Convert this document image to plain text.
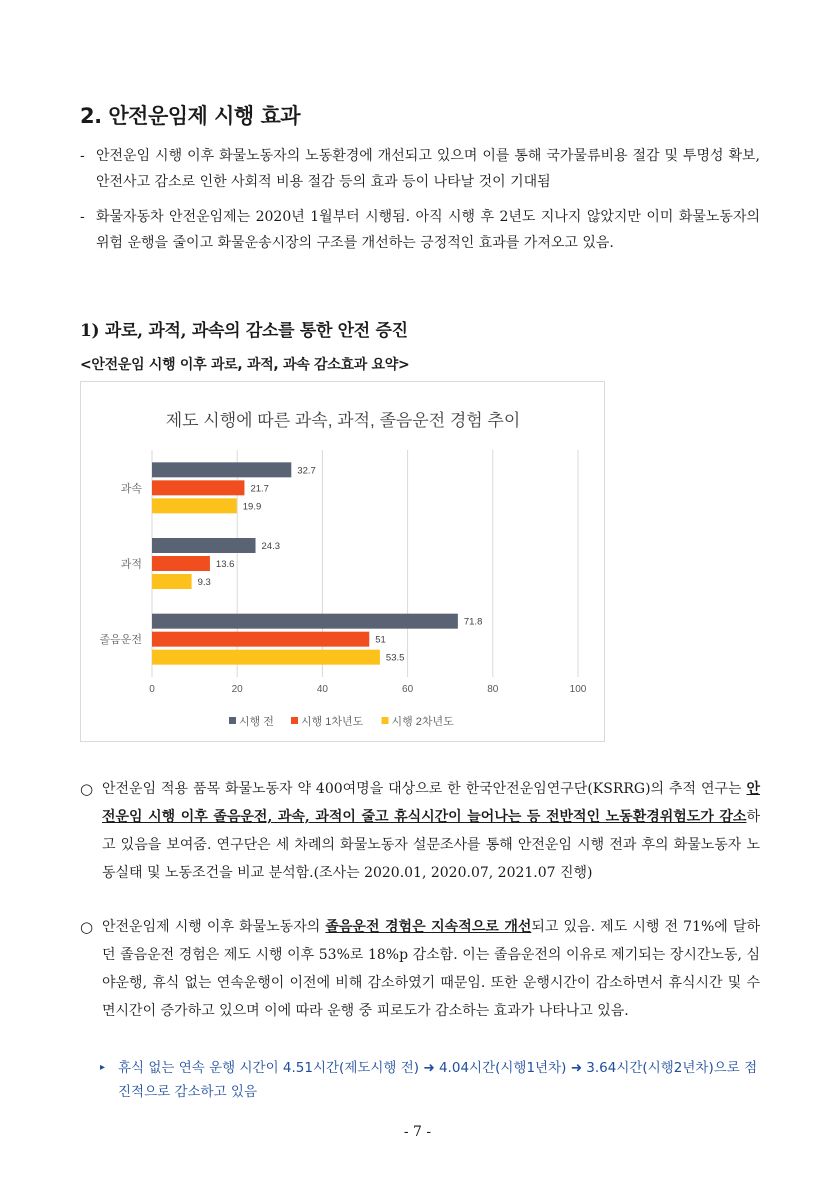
2. 안전운임제 시행 효과
- 안전운임 시행 이후 화물노동자의 노동환경에 개선되고 있으며 이를 통해 국가물류비용 절감 및 투명성 확보, 안전사고 감소로 인한 사회적 비용 절감 등의 효과 등이 나타날 것이 기대됨
- 화물자동차 안전운임제는 2020년 1월부터 시행됨. 아직 시행 후 2년도 지나지 않았지만 이미 화물노동자의 위험 운행을 줄이고 화물운송시장의 구조를 개선하는 긍정적인 효과를 가져오고 있음.
1) 과로, 과적, 과속의 감소를 통한 안전 증진
<안전운임 시행 이후 과로, 과적, 과속 감소효과 요약>
제도 시행에 따른 과속, 과적, 졸음운전 경험 추이
0	20	40	60	80	100
과속
32.7
21.7
19.9
과적
24.3
13.6
9.3
졸음운전
71.8
51
53.5
시행 전 시행 1차년도	시행 2차년도
○ 안전운임 적용 품목 화물노동자 약 400여명을 대상으로 한 한국안전운임연구단(KSRRG)의 추적 연구는 안전운임 시행 이후 졸음운전, 과속, 과적이 줄고 휴식시간이 늘어나는 등 전반적인 노동환경위험도가 감소하고 있음을 보여줌. 연구단은 세 차례의 화물노동자 설문조사를 통해 안전운임 시행 전과 후의 화물노동자 노동실태 및 노동조건을 비교 분석함.(조사는 2020.01, 2020.07, 2021.07 진행)
○ 안전운임제 시행 이후 화물노동자의 졸음운전 경험은 지속적으로 개선되고 있음. 제도 시행 전 71%에 달하던 졸음운전 경험은 제도 시행 이후 53%로 18%p 감소함. 이는 졸음운전의 이유로 제기되는 장시간노동, 심야운행, 휴식 없는 연속운행이 이전에 비해 감소하였기 때문임. 또한 운행시간이 감소하면서 휴식시간 및 수면시간이 증가하고 있으며 이에 따라 운행 중 피로도가 감소하는 효과가 나타나고 있음.
▸ 휴식 없는 연속 운행 시간이 4.51시간(제도시행 전) ➜ 4.04시간(시행1년차) ➜ 3.64시간(시행2년차)으로 점진적으로 감소하고 있음
- 7 -
